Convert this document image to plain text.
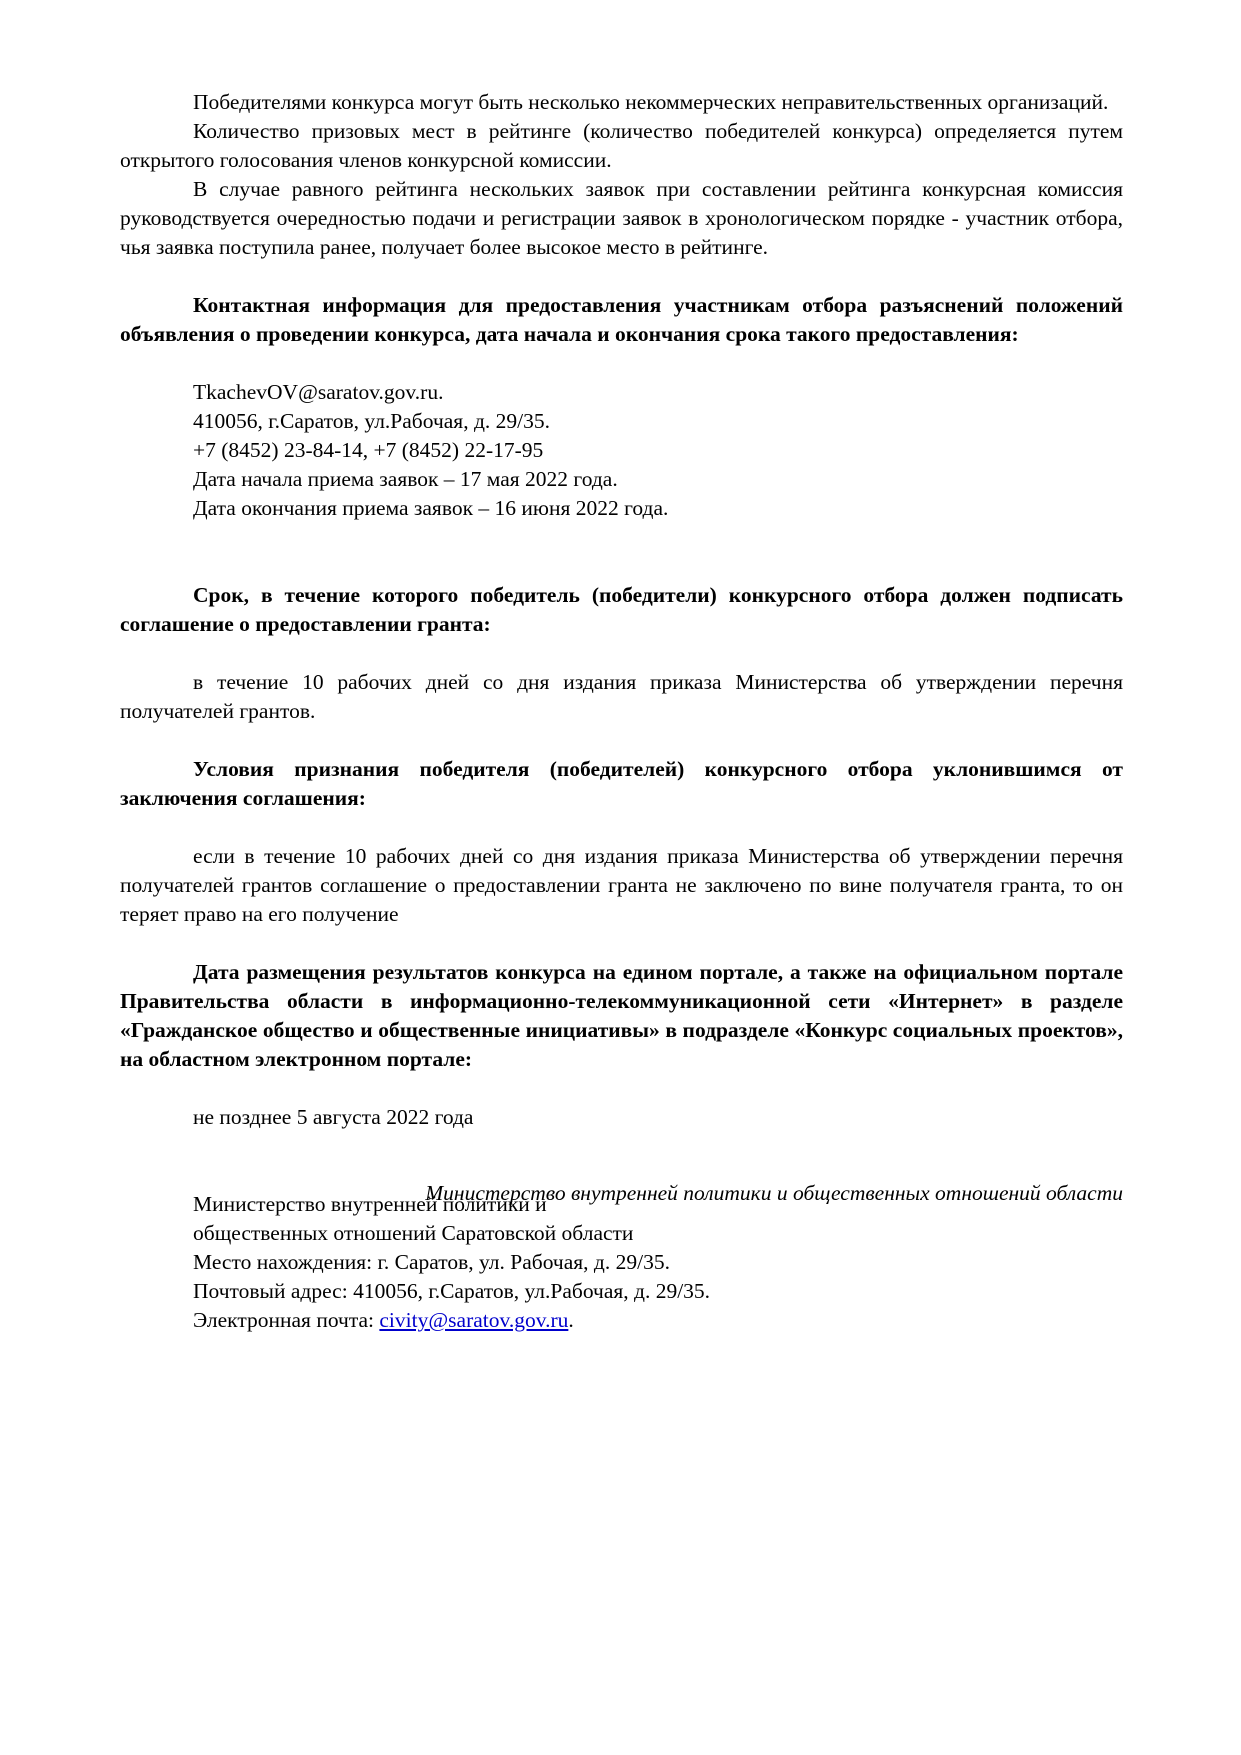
Победителями конкурса могут быть несколько некоммерческих неправительственных организаций.

Количество призовых мест в рейтинге (количество победителей конкурса) определяется путем открытого голосования членов конкурсной комиссии.

В случае равного рейтинга нескольких заявок при составлении рейтинга конкурсная комиссия руководствуется очередностью подачи и регистрации заявок в хронологическом порядке - участник отбора, чья заявка поступила ранее, получает более высокое место в рейтинге.

Контактная информация для предоставления участникам отбора разъяснений положений объявления о проведении конкурса, дата начала и окончания срока такого предоставления:

TkachevOV@saratov.gov.ru.
410056, г.Саратов, ул.Рабочая, д. 29/35.
+7 (8452) 23-84-14, +7 (8452) 22-17-95
Дата начала приема заявок – 17 мая 2022 года.
Дата окончания приема заявок – 16 июня 2022 года.

Срок, в течение которого победитель (победители) конкурсного отбора должен подписать соглашение о предоставлении гранта:

в течение 10 рабочих дней со дня издания приказа Министерства об утверждении перечня получателей грантов.

Условия признания победителя (победителей) конкурсного отбора уклонившимся от заключения соглашения:

если в течение 10 рабочих дней со дня издания приказа Министерства об утверждении перечня получателей грантов соглашение о предоставлении гранта не заключено по вине получателя гранта, то он теряет право на его получение

Дата размещения результатов конкурса на едином портале, а также на официальном портале Правительства области в информационно-телекоммуникационной сети «Интернет» в разделе «Гражданское общество и общественные инициативы» в подразделе «Конкурс социальных проектов», на областном электронном портале:

не позднее 5 августа 2022 года

Министерство внутренней политики и
общественных отношений Саратовской области
Место нахождения: г. Саратов, ул. Рабочая, д. 29/35.
Почтовый адрес: 410056, г.Саратов, ул.Рабочая, д. 29/35.
Электронная почта: civity@saratov.gov.ru.
Министерство внутренней политики и общественных отношений области
